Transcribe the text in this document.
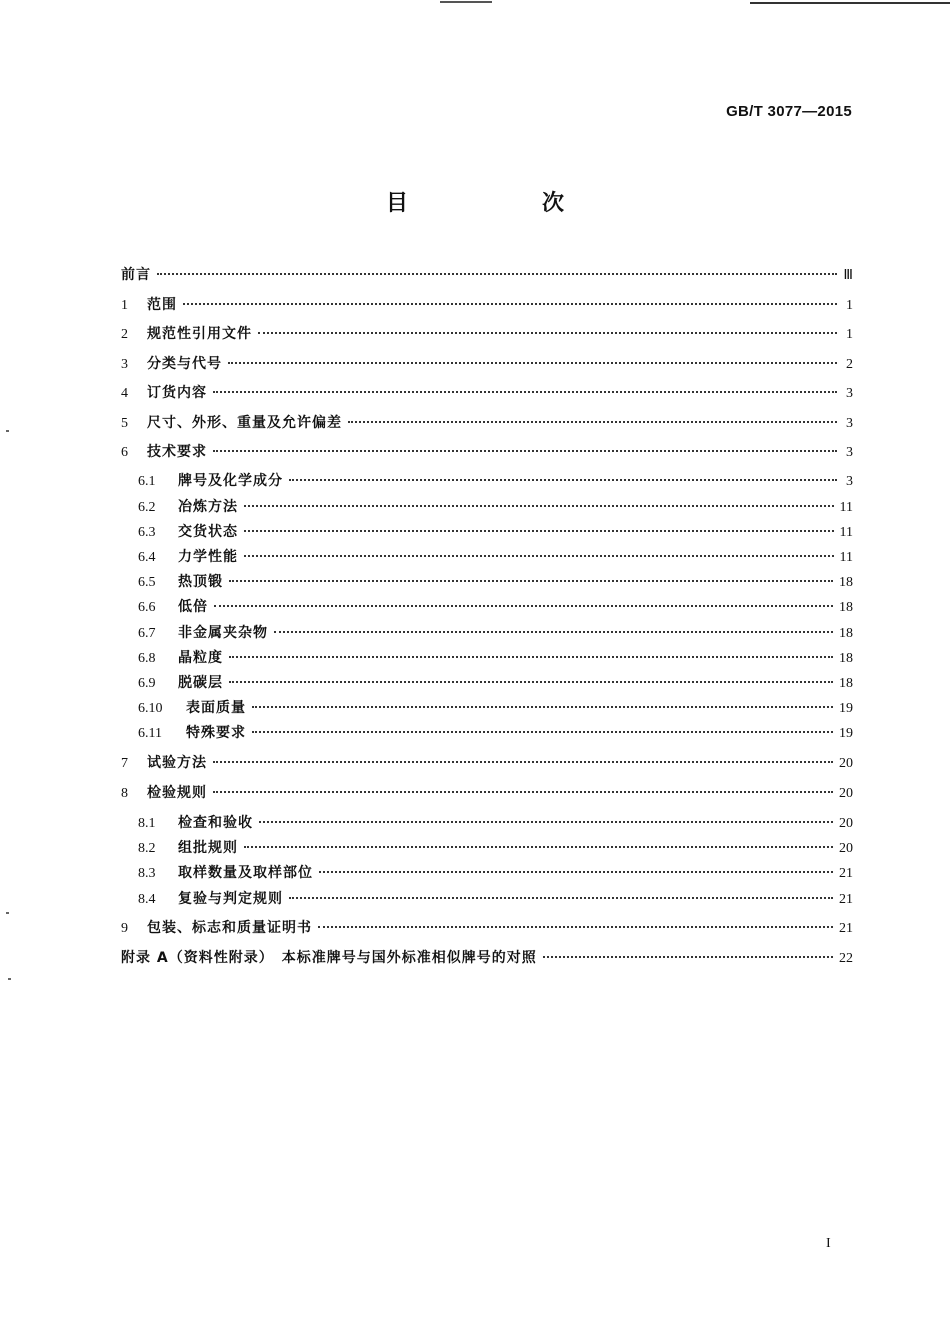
GB/T 3077—2015
目　次
前言	Ⅲ
1	范围	1
2	规范性引用文件	1
3	分类与代号	2
4	订货内容	3
5	尺寸、外形、重量及允许偏差	3
6	技术要求	3
6.1	牌号及化学成分	3
6.2	冶炼方法	11
6.3	交货状态	11
6.4	力学性能	11
6.5	热顶锻	18
6.6	低倍	18
6.7	非金属夹杂物	18
6.8	晶粒度	18
6.9	脱碳层	18
6.10	表面质量	19
6.11	特殊要求	19
7	试验方法	20
8	检验规则	20
8.1	检查和验收	20
8.2	组批规则	20
8.3	取样数量及取样部位	21
8.4	复验与判定规则	21
9	包装、标志和质量证明书	21
附录 A（资料性附录）　本标准牌号与国外标准相似牌号的对照	22
I
